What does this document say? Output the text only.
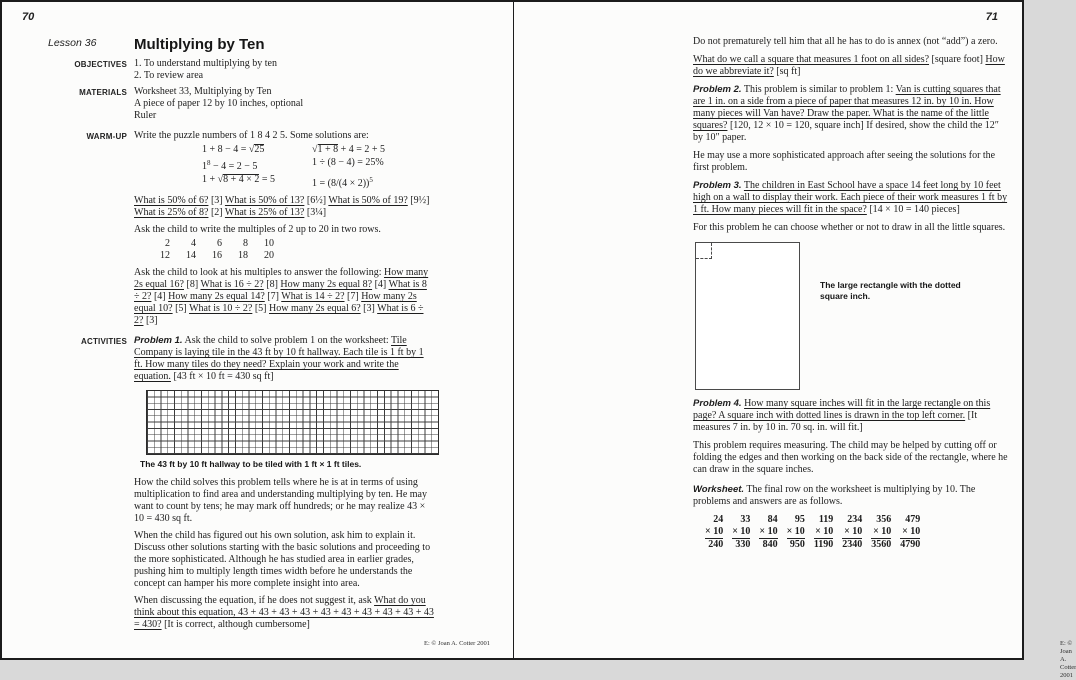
70
Lesson 36	Multiplying by Ten
OBJECTIVES 1. To understand multiplying by ten
2. To review area
MATERIALS Worksheet 33, Multiplying by Ten
A piece of paper 12 by 10 inches, optional
Ruler
WARM-UP Write the puzzle numbers of 1 8 4 2 5. Some solutions are:
1 + 8 − 4 = √25	√1 + 8 + 4 = 2 + 5
$1^8 - 4 = 2 - 5$	1 ÷ (8 − 4) = 25%
1 + √8 + 4 × 2 = 5	$1 = (8/(4 \times 2))^5$
What is 50% of 6? [3] What is 50% of 13? [6½] What is 50% of 19? [9½] What is 25% of 8? [2] What is 25% of 13? [3¼]
Ask the child to write the multiples of 2 up to 20 in two rows.
2	4	6	8	10
12	14	16	18	20
Ask the child to look at his multiples to answer the following: How many 2s equal 16? [8] What is 16 ÷ 2? [8] How many 2s equal 8? [4] What is 8 ÷ 2? [4] How many 2s equal 14? [7] What is 14 ÷ 2? [7] How many 2s equal 10? [5] What is 10 ÷ 2? [5] How many 2s equal 6? [3] What is 6 ÷ 2? [3]
ACTIVITIES Problem 1. Ask the child to solve problem 1 on the worksheet: Tile Company is laying tile in the 43 ft by 10 ft hallway. Each tile is 1 ft by 1 ft. How many tiles do they need? Explain your work and write the equation. [43 ft × 10 ft = 430 sq ft]
The 43 ft by 10 ft hallway to be tiled with 1 ft × 1 ft tiles.
How the child solves this problem tells where he is at in terms of using multiplication to find area and understanding multiplying by ten. He may want to count by tens; he may mark off hundreds; or he may realize 43 × 10 = 430 sq ft.
When the child has figured out his own solution, ask him to explain it. Discuss other solutions starting with the basic solutions and proceeding to the more sophisticated. Although he has studied area in earlier grades, pushing him to multiply length times width before he understands the concept can hamper his more complete insight into area.
When discussing the equation, if he does not suggest it, ask What do you think about this equation, 43 + 43 + 43 + 43 + 43 + 43 + 43 + 43 + 43 + 43 = 430? [It is correct, although cumbersome]
E: © Joan A. Cotter 2001
71
Do not prematurely tell him that all he has to do is annex (not “add”) a zero.
What do we call a square that measures 1 foot on all sides? [square foot] How do we abbreviate it? [sq ft]
Problem 2. This problem is similar to problem 1: Van is cutting squares that are 1 in. on a side from a piece of paper that measures 12 in. by 10 in. How many pieces will Van have? Draw the paper. What is the name of the little squares? [120, 12 × 10 = 120, square inch] If desired, show the child the 12″ by 10″ paper.
He may use a more sophisticated approach after seeing the solutions for the first problem.
Problem 3. The children in East School have a space 14 feet long by 10 feet high on a wall to display their work. Each piece of their work measures 1 ft by 1 ft. How many pieces will fit in the space? [14 × 10 = 140 pieces]
For this problem he can choose whether or not to draw in all the little squares.
The large rectangle with the dotted square inch.
Problem 4. How many square inches will fit in the large rectangle on this page? A square inch with dotted lines is drawn in the top left corner. [It measures 7 in. by 10 in. 70 sq. in. will fit.]
This problem requires measuring. The child may be helped by cutting off or folding the edges and then working on the back side of the rectangle, where he can draw in the square inches.
Worksheet. The final row on the worksheet is multiplying by 10. The problems and answers are as follows.
24
× 10
240
33
× 10
330
84
× 10
840
95
× 10
950
119
× 10
1190
234
× 10
2340
356
× 10
3560
479
× 10
4790
E: © Joan A. Cotter 2001
